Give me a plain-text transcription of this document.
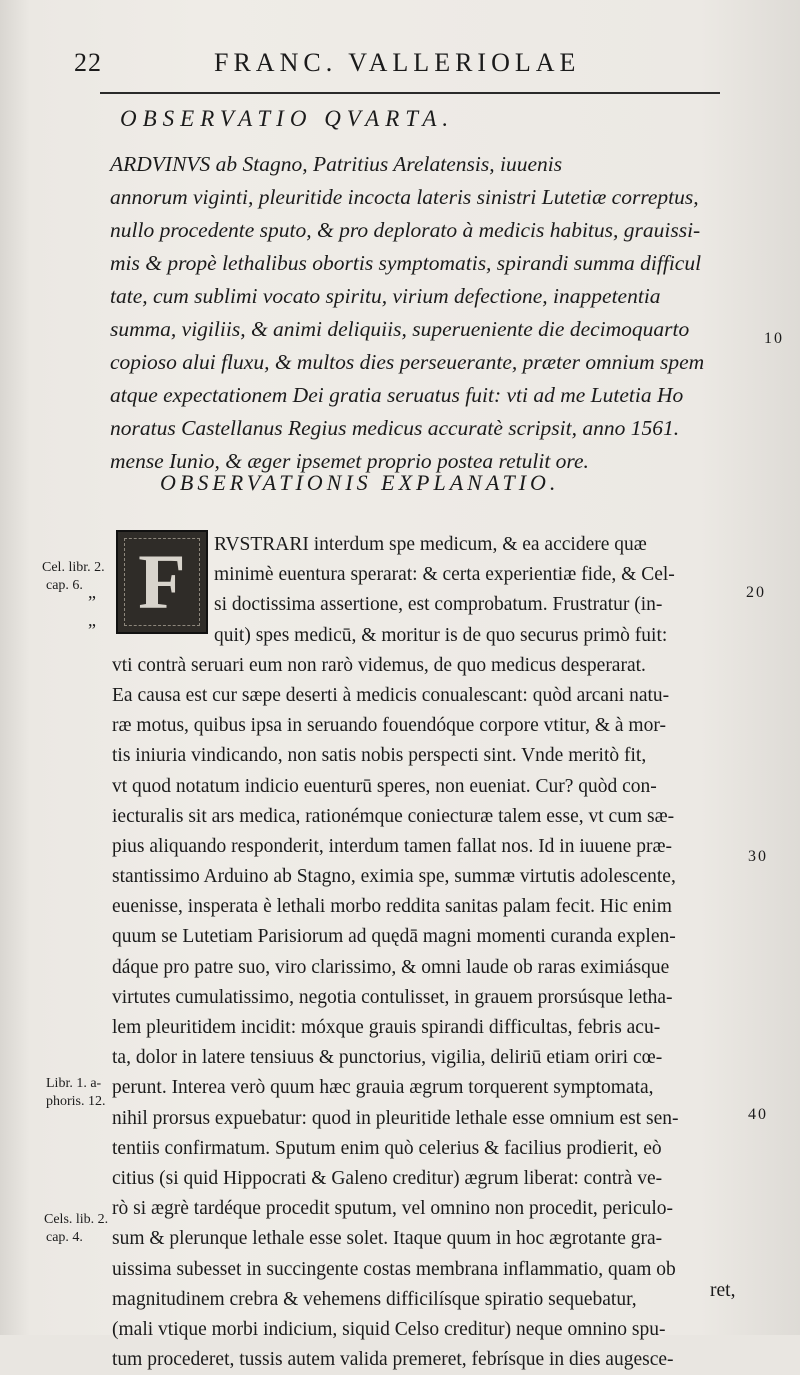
22	FRANC. VALLERIOLAE
OBSERVATIO QVARTA.

ARDVINVS ab Stagno, Patritius Arelatensis, iuuenis

annorum viginti, pleuritide incocta lateris sinistri Lutetiæ correptus,

nullo procedente sputo, & pro deplorato à medicis habitus, grauissi-

mis & propè lethalibus obortis symptomatis, spirandi summa difficul

tate, cum sublimi vocato spiritu, virium defectione, inappetentia

summa, vigiliis, & animi deliquiis, superueniente die decimoquarto

copioso alui fluxu, & multos dies perseuerante, præter omnium spem

atque expectationem Dei gratia seruatus fuit: vti ad me Lutetia Ho

noratus Castellanus Regius medicus accuratè scripsit, anno 1561.

mense Iunio, & æger ipsemet proprio postea retulit ore.

OBSERVATIONIS EXPLANATIO.
F	RVSTRARI interdum spe medicum, & ea accidere quæ
minimè euentura sperarat: & certa experientiæ fide, & Cel-
si doctissima assertione, est comprobatum. Frustratur (in-
quit) spes medicū, & moritur is de quo securus primò fuit:
vti contrà seruari eum non rarò videmus, de quo medicus desperarat.
Ea causa est cur sæpe deserti à medicis conualescant: quòd arcani natu-
ræ motus, quibus ipsa in seruando fouendóque corpore vtitur, & à mor-
tis iniuria vindicando, non satis nobis perspecti sint. Vnde meritò fit,
vt quod notatum indicio euenturū speres, non eueniat. Cur? quòd con-
iecturalis sit ars medica, rationémque coniecturæ talem esse, vt cum sæ-
pius aliquando responderit, interdum tamen fallat nos. Id in iuuene præ-
stantissimo Arduino ab Stagno, eximia spe, summæ virtutis adolescente,
euenisse, insperata è lethali morbo reddita sanitas palam fecit. Hic enim
quum se Lutetiam Parisiorum ad quędā magni momenti curanda explen-
dáque pro patre suo, viro clarissimo, & omni laude ob raras eximiásque
virtutes cumulatissimo, negotia contulisset, in grauem prorsúsque letha-
lem pleuritidem incidit: móxque grauis spirandi difficultas, febris acu-
ta, dolor in latere tensiuus & punctorius, vigilia, deliriū etiam oriri cœ-
perunt. Interea verò quum hæc grauia ægrum torquerent symptomata,
nihil prorsus expuebatur: quod in pleuritide lethale esse omnium est sen-
tentiis confirmatum. Sputum enim quò celerius & facilius prodierit, eò
citius (si quid Hippocrati & Galeno creditur) ægrum liberat: contrà ve-
rò si ægrè tardéque procedit sputum, vel omnino non procedit, periculo-
sum & plerunque lethale esse solet. Itaque quum in hoc ægrotante gra-
uissima subesset in succingente costas membrana inflammatio, quam ob
magnitudinem crebra & vehemens difficilísque spiratio sequebatur,
(mali vtique morbi indicium, siquid Celso creditur) neque omnino spu-
tum procederet, tussis autem valida premeret, febrísque in dies augesce-
ret,
Cel. libr. 2.
cap. 6. „
„
Libr. 1. a-
phoris. 12.
Cels. lib. 2.
cap. 4.
10
20
30
40
